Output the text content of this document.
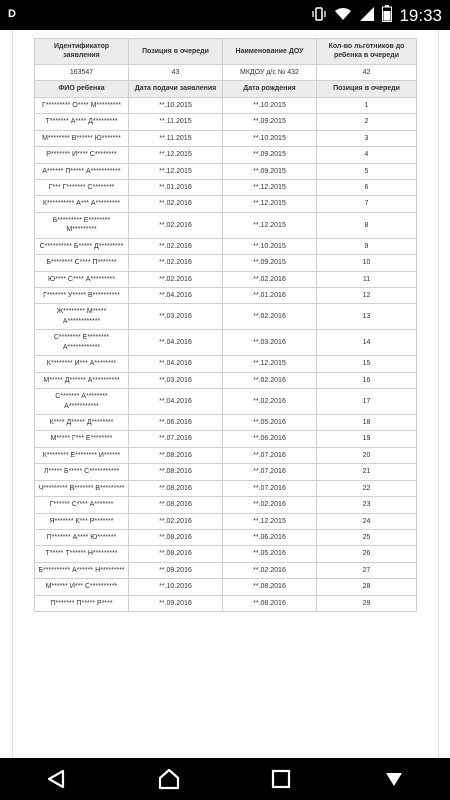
D	19:33
Идентификатор заявления	Позиция в очереди	Наименование ДОУ	Кол-во льготников до ребенка в очереди
163547	43	МКДОУ д/с № 432	42
ФИО ребенка	Дата подачи заявления	Дата рождения	Позиция в очереди
Г********* О**** М*********	**.10.2015	**.10.2015	1
Т******* А**** Д*********	**.11.2015	**.09.2015	2
М******** В****** Ю*******	**.11.2015	**.10.2015	3
Р******* И**** С********	**.12.2015	**.09.2015	4
А****** П***** А***********	**.12.2015	**.09.2015	5
Г*** Г******* С********	**.01.2016	**.12.2015	6
К********** А*** А*********	**.02.2016	**.12.2015	7
Б********* Е******** М*********	**.02.2016	**.12.2015	8
С********** Б***** Д*********	**.02.2016	**.10.2015	9
Б******** С**** П*******	**.02.2016	**.09.2015	10
Ю**** С**** А*********	**.02.2016	**.02.2016	11
Г******* У***** В**********	**.04.2016	**.01.2016	12
Ж******** М***** А************	**.03.2016	**.02.2016	13
С******** Е******** А************	**.04.2016	**.03.2016	14
К******** И*** А********	**.04.2016	**.12.2015	15
М***** Д****** А**********	**.03.2016	**.02.2016	16
С******* А******** А***********	**.04.2016	**.02.2016	17
К**** Д***** Д********	**.06.2016	**.05.2016	18
М***** Г*** Е********	**.07.2016	**.06.2016	19
К******** Е******** И******	**.08.2016	**.07.2016	20
Л***** Б***** С***********	**.08.2016	**.07.2016	21
Ч********* В******* В*********	**.08.2016	**.07.2016	22
Г****** С**** А*******	**.08.2016	**.02.2016	23
Я******* К*** Р*******	**.02.2016	**.12.2015	24
П******* А**** Ю*******	**.08.2016	**.06.2016	25
Т***** Т****** Н*********	**.08.2016	**.05.2016	26
Б********** А****** Н*********	**.09.2016	**.02.2016	27
М****** И*** С**********	**.10.2016	**.08.2016	28
П******* П***** Р****	**.09.2016	**.08.2016	29
